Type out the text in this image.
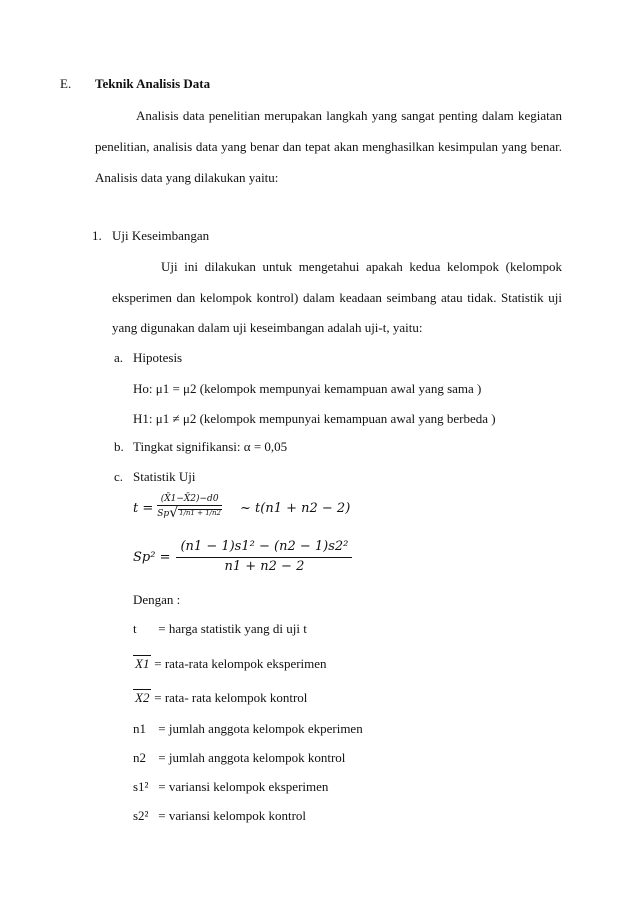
E. Teknik Analisis Data
Analisis data penelitian merupakan langkah yang sangat penting dalam kegiatan
penelitian, analisis data yang benar dan tepat akan menghasilkan kesimpulan yang benar.
Analisis data yang dilakukan yaitu:
1. Uji Keseimbangan
Uji ini dilakukan untuk mengetahui apakah kedua kelompok (kelompok
eksperimen dan kelompok kontrol) dalam keadaan seimbang atau tidak. Statistik uji
yang digunakan dalam uji keseimbangan adalah uji-t, yaitu:
a. Hipotesis
Ho: μ1 = μ2 (kelompok mempunyai kemampuan awal yang sama )
H1: μ1 ≠ μ2 (kelompok mempunyai kemampuan awal yang berbeda )
b. Tingkat signifikansi: α = 0,05
c. Statistik Uji
$t = \frac{(X̄1-X̄2)-d0}{Sp√1/n1 + 1/n2}$ ~ t(n1 + n2 − 2)
$Sp^2 = \frac{\text{(n1 − 1)s1² − (n2 − 1)s2²}}{n1 + n2 - 2}$
Dengan :
t = harga statistik yang di uji t
X1 = rata-rata kelompok eksperimen
X2 = rata- rata kelompok kontrol
n1 = jumlah anggota kelompok ekperimen
n2 = jumlah anggota kelompok kontrol
s1² = variansi kelompok eksperimen
s2² = variansi kelompok kontrol
